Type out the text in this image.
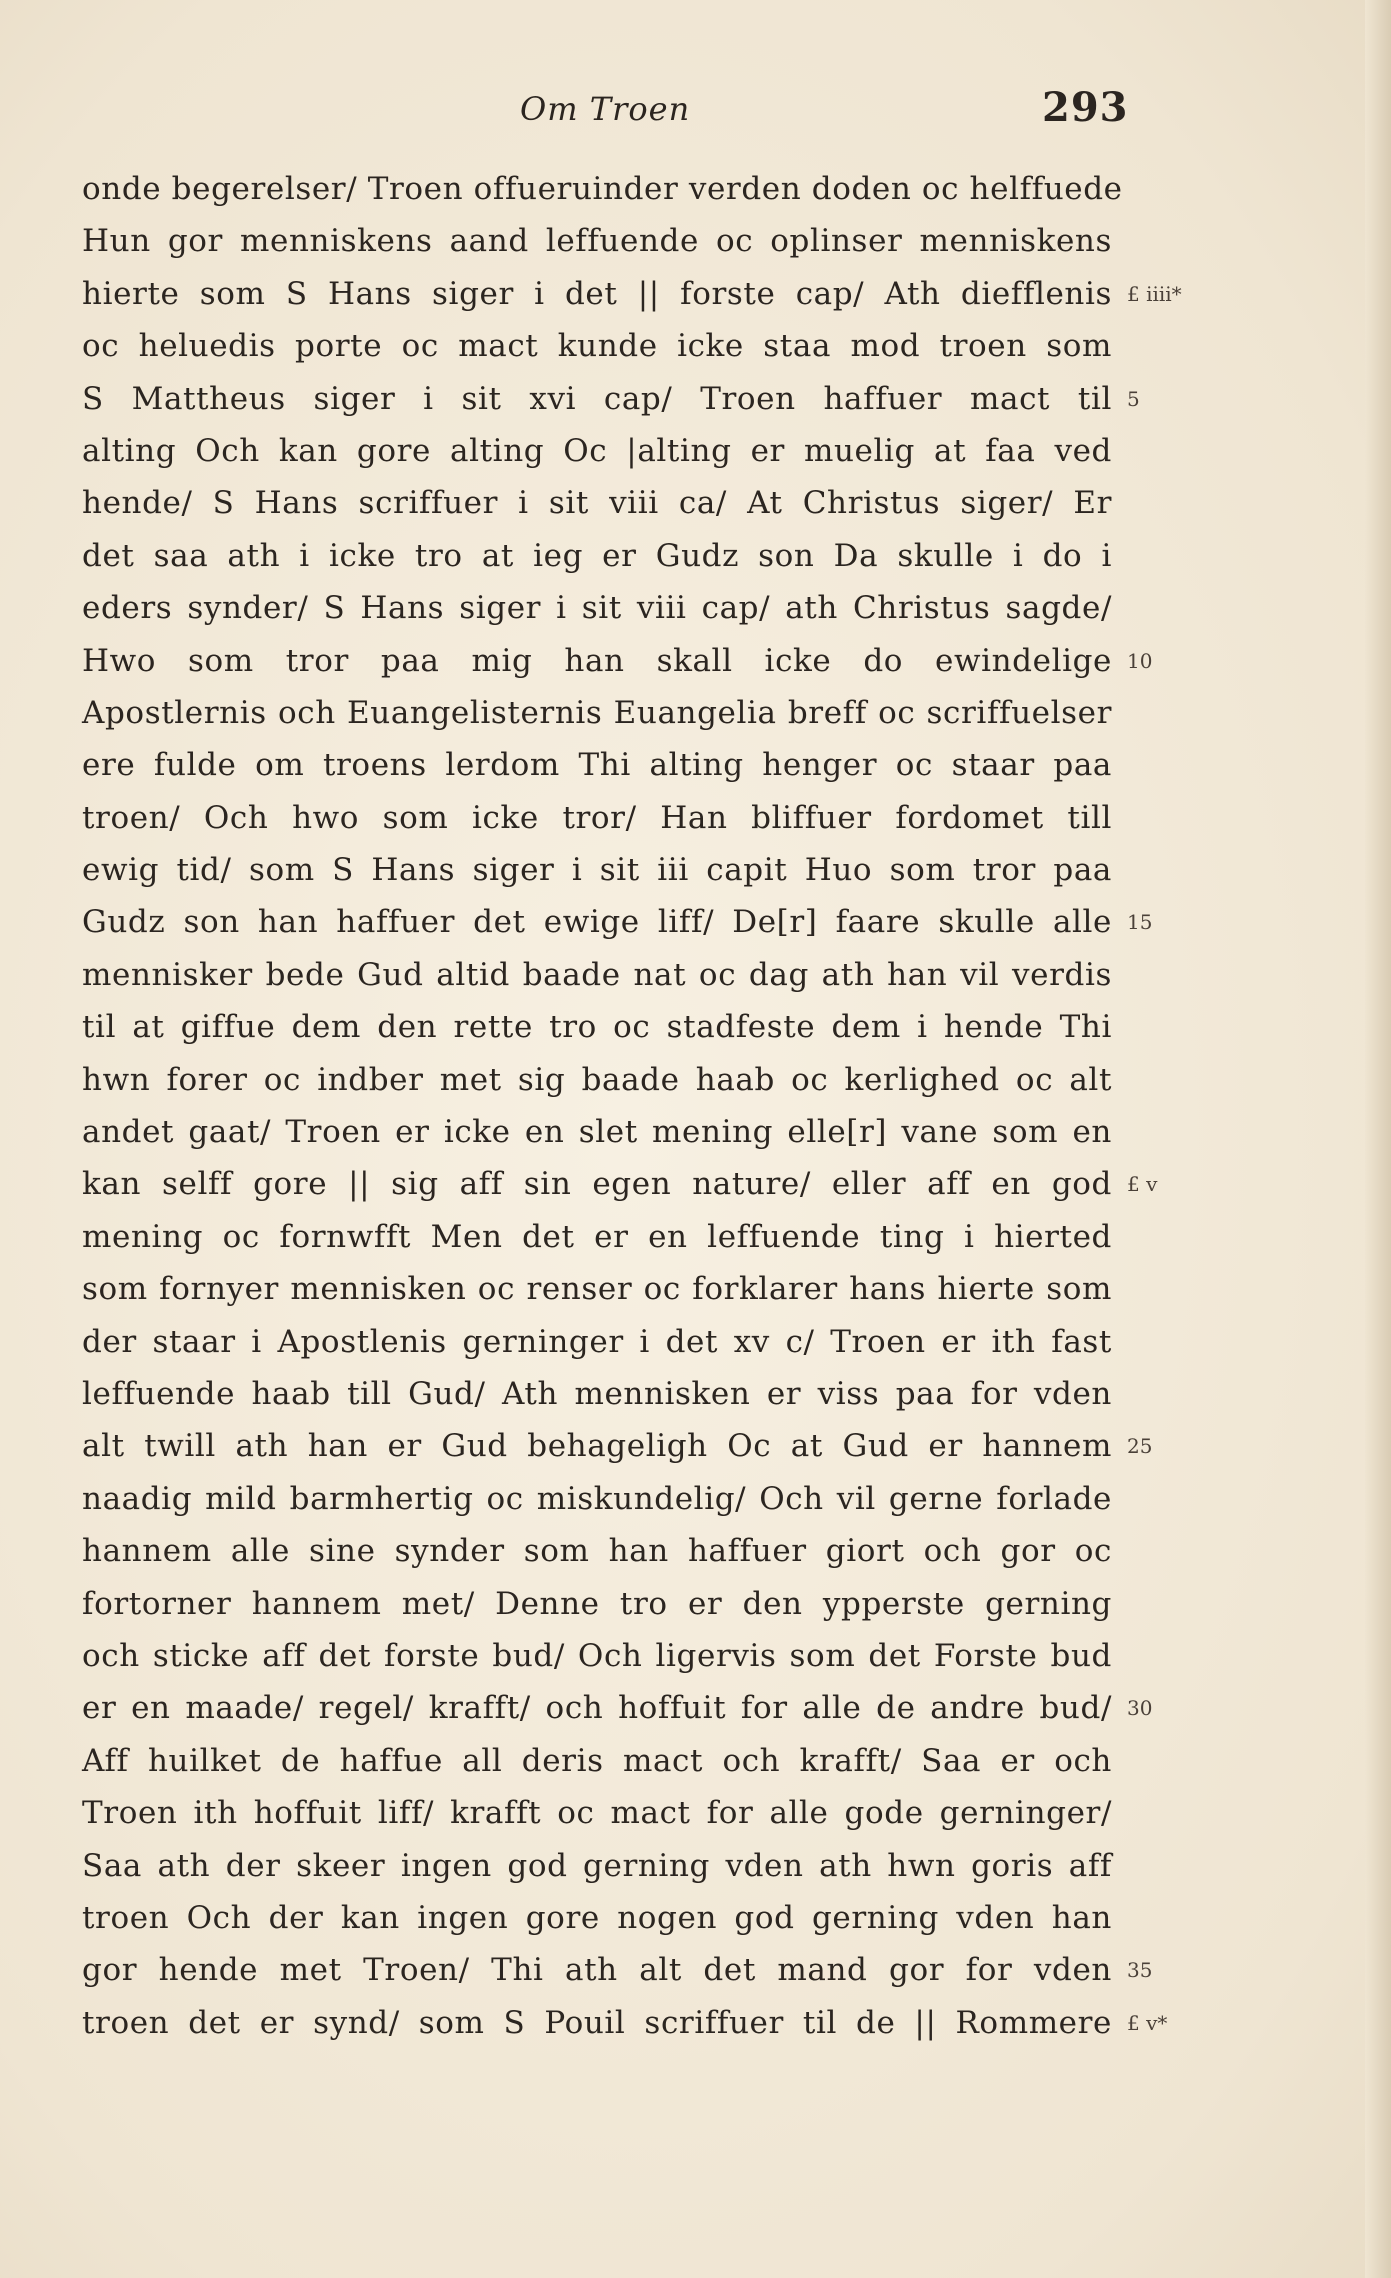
Om Troen	293
onde begerelser/ Troen offueruinder verden doden oc helffuede
Hun gor menniskens aand leffuende oc oplinser menniskens
hierte som S Hans siger i det || forste cap/ Ath diefflenis £ iiii*
oc heluedis porte oc mact kunde icke staa mod troen som
S Mattheus siger i sit xvi cap/ Troen haffuer mact til 5
alting Och kan gore alting Oc |alting er muelig at faa ved
hende/ S Hans scriffuer i sit viii ca/ At Christus siger/ Er
det saa ath i icke tro at ieg er Gudz son Da skulle i do i
eders synder/ S Hans siger i sit viii cap/ ath Christus sagde/
Hwo som tror paa mig han skall icke do ewindelige 10
Apostlernis och Euangelisternis Euangelia breff oc scriffuelser
ere fulde om troens lerdom Thi alting henger oc staar paa
troen/ Och hwo som icke tror/ Han bliffuer fordomet till
ewig tid/ som S Hans siger i sit iii capit Huo som tror paa
Gudz son han haffuer det ewige liff/ De[r] faare skulle alle 15
mennisker bede Gud altid baade nat oc dag ath han vil verdis
til at giffue dem den rette tro oc stadfeste dem i hende Thi
hwn forer oc indber met sig baade haab oc kerlighed oc alt
andet gaat/ Troen er icke en slet mening elle[r] vane som en
kan selff gore || sig aff sin egen nature/ eller aff en god £ v
mening oc fornwfft Men det er en leffuende ting i hierted
som fornyer mennisken oc renser oc forklarer hans hierte som
der staar i Apostlenis gerninger i det xv c/ Troen er ith fast
leffuende haab till Gud/ Ath mennisken er viss paa for vden
alt twill ath han er Gud behageligh Oc at Gud er hannem 25
naadig mild barmhertig oc miskundelig/ Och vil gerne forlade
hannem alle sine synder som han haffuer giort och gor oc
fortorner hannem met/ Denne tro er den ypperste gerning
och sticke aff det forste bud/ Och ligervis som det Forste bud
er en maade/ regel/ krafft/ och hoffuit for alle de andre bud/ 30
Aff huilket de haffue all deris mact och krafft/ Saa er och
Troen ith hoffuit liff/ krafft oc mact for alle gode gerninger/
Saa ath der skeer ingen god gerning vden ath hwn goris aff
troen Och der kan ingen gore nogen god gerning vden han
gor hende met Troen/ Thi ath alt det mand gor for vden 35
troen det er synd/ som S Pouil scriffuer til de || Rommere £ v*
